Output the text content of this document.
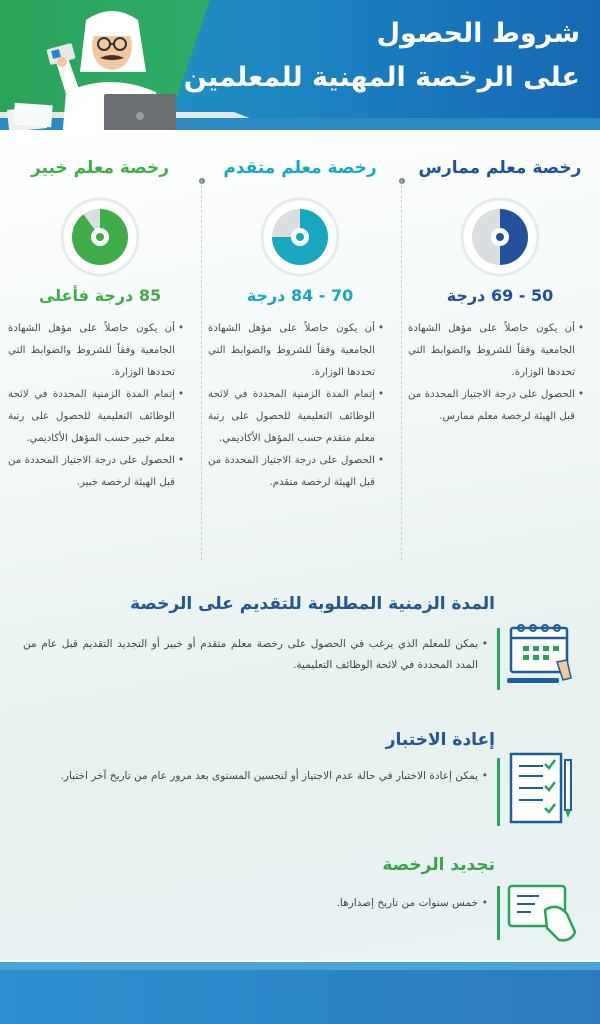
شروط الحصول
على الرخصة المهنية للمعلمين
رخصة معلم ممارس
50 - 69 درجة
• أن يكون حاصلاً على مؤهل الشهادة الجامعية وفقاً للشروط والضوابط التي تحددها الوزارة.
• الحصول على درجة الاجتياز المحددة من قبل الهيئة لرخصة معلم ممارس.
رخصة معلم متقدم
70 - 84 درجة
• أن يكون حاصلاً على مؤهل الشهادة الجامعية وفقاً للشروط والضوابط التي تحددها الوزارة.
• إتمام المدة الزمنية المحددة في لائحة الوظائف التعليمية للحصول على رتبة معلم متقدم حسب المؤهل الأكاديمي.
• الحصول على درجة الاجتياز المحددة من قبل الهيئة لرخصة متقدم.
رخصة معلم خبير
85 درجة فأعلى
• أن يكون حاصلاً على مؤهل الشهادة الجامعية وفقاً للشروط والضوابط التي تحددها الوزارة.
• إتمام المدة الزمنية المحددة في لائحة الوظائف التعليمية للحصول على رتبة معلم خبير حسب المؤهل الأكاديمي.
• الحصول على درجة الاجتياز المحددة من قبل الهيئة لرخصة خبير.
المدة الزمنية المطلوبة للتقديم على الرخصة
• يمكن للمعلم الذي يرغب في الحصول على رخصة معلم متقدم أو خبير أو التجديد التقديم قبل عام من المدد المحددة في لائحة الوظائف التعليمية.
إعادة الاختبار
• يمكن إعادة الاختبار في حالة عدم الاجتياز أو لتحسين المستوى بعد مرور عام من تاريخ آخر اختبار.
تجديد الرخصة
• خمس سنوات من تاريخ إصدارها.
